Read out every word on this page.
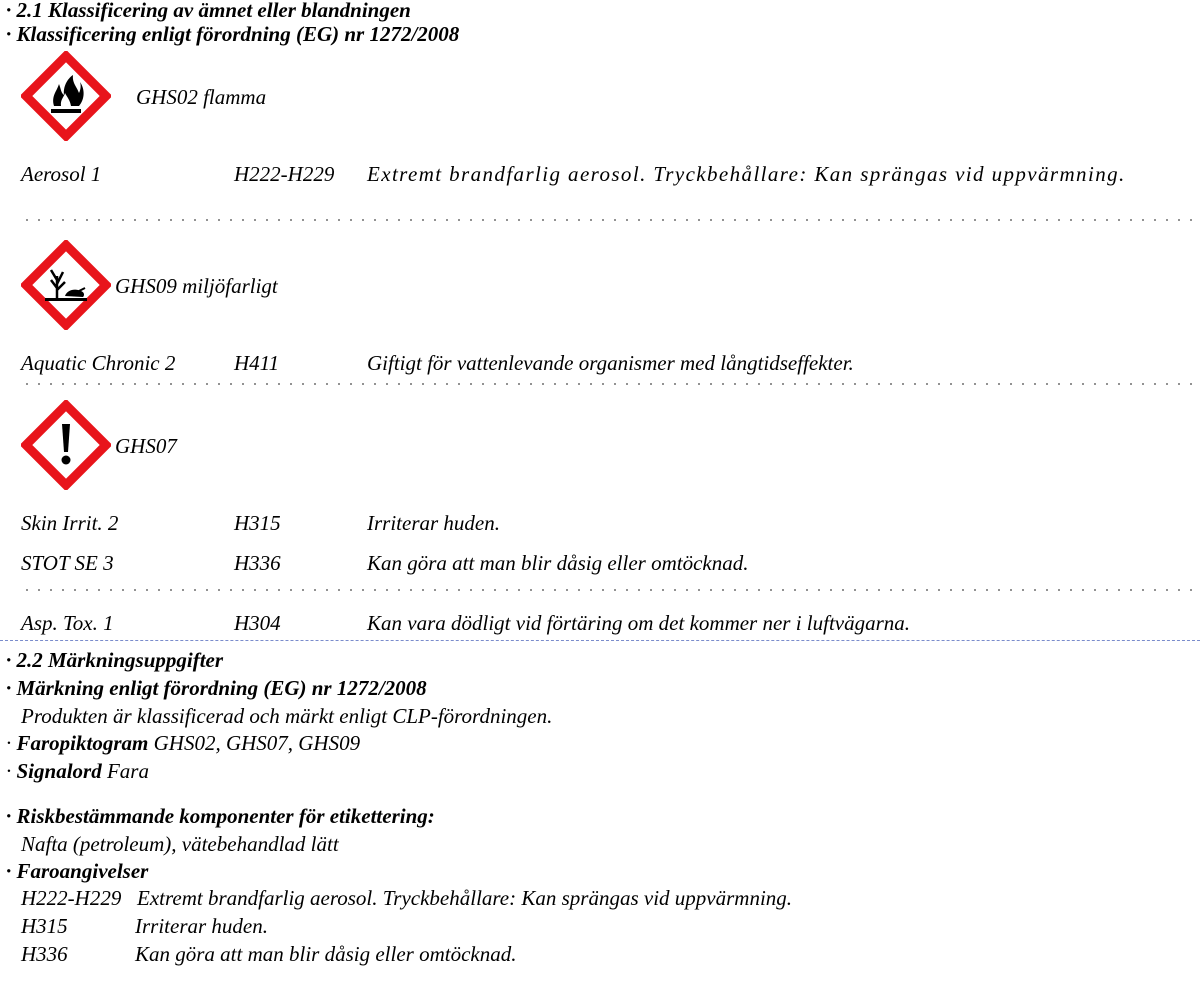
· 2.1 Klassificering av ämnet eller blandningen
· Klassificering enligt förordning (EG) nr 1272/2008
GHS02 flamma
Aerosol 1	H222-H229 Extremt brandfarlig aerosol. Tryckbehållare: Kan sprängas vid uppvärmning.
GHS09 miljöfarligt
Aquatic Chronic 2	H411	Giftigt för vattenlevande organismer med långtidseffekter.
GHS07
Skin Irrit. 2	H315	Irriterar huden.
STOT SE 3	H336	Kan göra att man blir dåsig eller omtöcknad.
Asp. Tox. 1	H304	Kan vara dödligt vid förtäring om det kommer ner i luftvägarna.
· 2.2 Märkningsuppgifter
· Märkning enligt förordning (EG) nr 1272/2008
Produkten är klassificerad och märkt enligt CLP-förordningen.
· Faropiktogram GHS02, GHS07, GHS09
· Signalord Fara
· Riskbestämmande komponenter för etikettering:
Nafta (petroleum), vätebehandlad lätt
· Faroangivelser
H222-H229 Extremt brandfarlig aerosol. Tryckbehållare: Kan sprängas vid uppvärmning.
H315	Irriterar huden.
H336	Kan göra att man blir dåsig eller omtöcknad.
